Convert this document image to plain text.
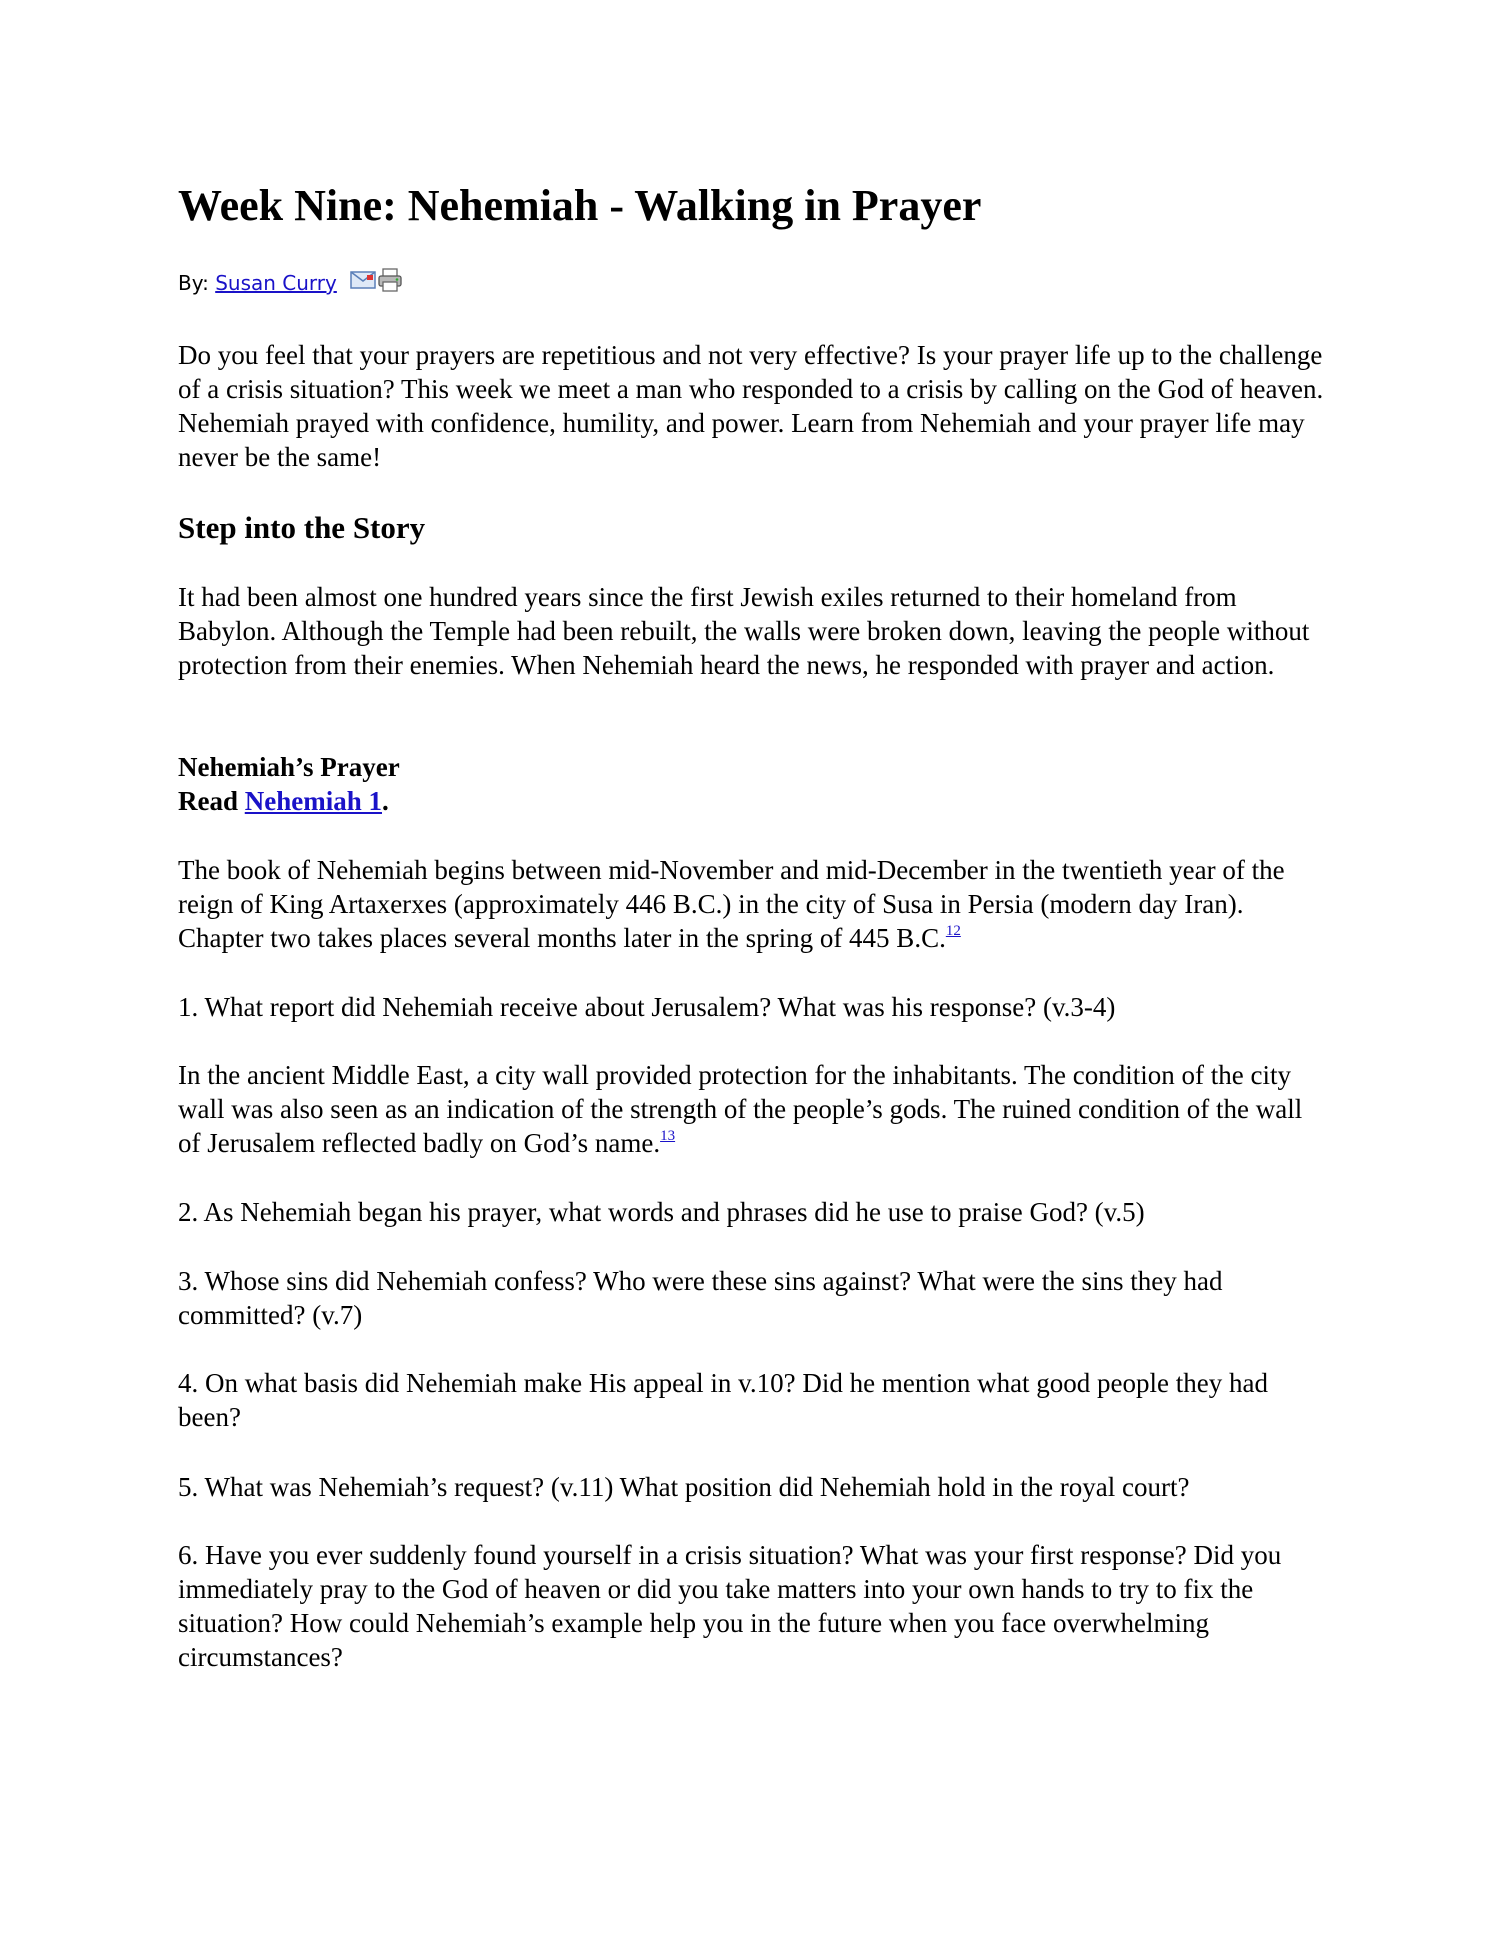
Week Nine: Nehemiah - Walking in Prayer
By: Susan Curry

Do you feel that your prayers are repetitious and not very effective? Is your prayer life up to the challenge of a crisis situation? This week we meet a man who responded to a crisis by calling on the God of heaven. Nehemiah prayed with confidence, humility, and power. Learn from Nehemiah and your prayer life may never be the same!

Step into the Story

It had been almost one hundred years since the first Jewish exiles returned to their homeland from Babylon. Although the Temple had been rebuilt, the walls were broken down, leaving the people without protection from their enemies. When Nehemiah heard the news, he responded with prayer and action.

Nehemiah’s Prayer
Read Nehemiah 1.

The book of Nehemiah begins between mid-November and mid-December in the twentieth year of the reign of King Artaxerxes (approximately 446 B.C.) in the city of Susa in Persia (modern day Iran). Chapter two takes places several months later in the spring of 445 B.C.$^{12}$

1. What report did Nehemiah receive about Jerusalem? What was his response? (v.3-4)

In the ancient Middle East, a city wall provided protection for the inhabitants. The condition of the city wall was also seen as an indication of the strength of the people’s gods. The ruined condition of the wall of Jerusalem reflected badly on God’s name.$^{13}$

2. As Nehemiah began his prayer, what words and phrases did he use to praise God? (v.5)

3. Whose sins did Nehemiah confess? Who were these sins against? What were the sins they had committed? (v.7)

4. On what basis did Nehemiah make His appeal in v.10? Did he mention what good people they had been?

5. What was Nehemiah’s request? (v.11) What position did Nehemiah hold in the royal court?

6. Have you ever suddenly found yourself in a crisis situation? What was your first response? Did you immediately pray to the God of heaven or did you take matters into your own hands to try to fix the situation? How could Nehemiah’s example help you in the future when you face overwhelming circumstances?
